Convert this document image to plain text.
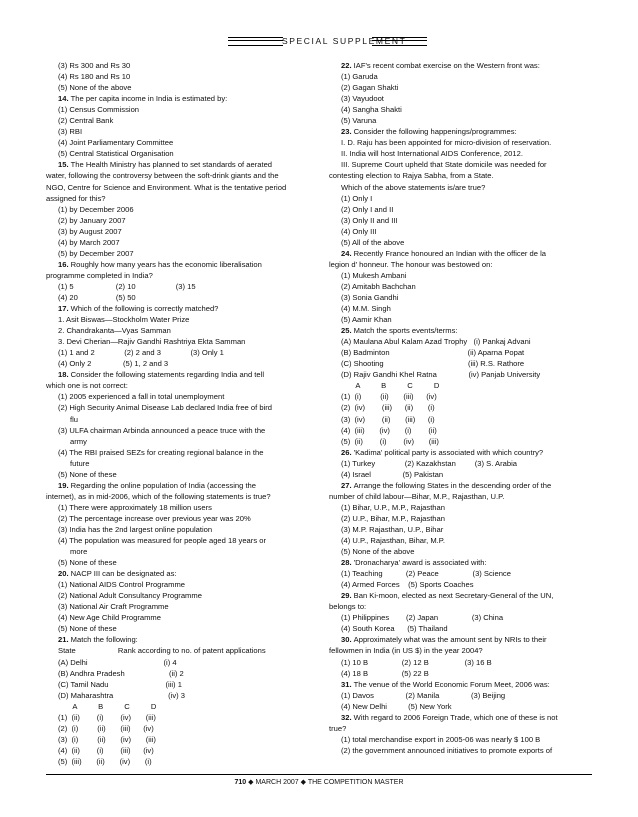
SPECIAL SUPPLEMENT
(3) Rs 300 and Rs 30
(4) Rs 180 and Rs 10
(5) None of the above
14. The per capita income in India is estimated by:
(1) Census Commission
(2) Central Bank
(3) RBI
(4) Joint Parliamentary Committee
(5) Central Statistical Organisation
15. The Health Ministry has planned to set standards of aerated
water, following the controversy between the soft-drink giants and the
NGO, Centre for Science and Environment. What is the tentative period
assigned for this?
(1) by December 2006
(2) by January 2007
(3) by August 2007
(4) by March 2007
(5) by December 2007
16. Roughly how many years has the economic liberalisation
programme completed in India?
(1) 5                    (2) 10                   (3) 15
(4) 20                  (5) 50
17. Which of the following is correctly matched?
1. Asit Biswas—Stockholm Water Prize
2. Chandrakanta—Vyas Samman
3. Devi Cherian—Rajiv Gandhi Rashtriya Ekta Samman
(1) 1 and 2              (2) 2 and 3              (3) Only 1
(4) Only 2               (5) 1, 2 and 3
18. Consider the following statements regarding India and tell
which one is not correct:
(1) 2005 experienced a fall in total unemployment
(2) High Security Animal Disease Lab declared India free of bird
flu
(3) ULFA chairman Arbinda announced a peace truce with the
army
(4) The RBI praised SEZs for creating regional balance in the
future
(5) None of these
19. Regarding the online population of India (accessing the
internet), as in mid-2006, which of the following statements is true?
(1) There were approximately 18 million users
(2) The percentage increase over previous year was 20%
(3) India has the 2nd largest online population
(4) The population was measured for people aged 18 years or
more
(5) None of these
20. NACP III can be designated as:
(1) National AIDS Control Programme
(2) National Adult Consultancy Programme
(3) National Air Craft Programme
(4) New Age Child Programme
(5) None of these
21. Match the following:
State                    Rank according to no. of patent applications
(A) Delhi                                    (i) 4
(B) Andhra Pradesh                     (ii) 2
(C) Tamil Nadu                           (iii) 1
(D) Maharashtra                          (iv) 3
A          B          C          D
(1)  (ii)        (i)        (iv)       (iii)
(2)  (i)         (ii)       (iii)      (iv)
(3)  (i)         (ii)       (iv)       (iii)
(4)  (ii)        (i)        (iii)      (iv)
(5)  (iii)       (ii)       (iv)       (i)
22. IAF's recent combat exercise on the Western front was:
(1) Garuda
(2) Gagan Shakti
(3) Vayudoot
(4) Sangha Shakti
(5) Varuna
23. Consider the following happenings/programmes:
I. D. Raju has been appointed for micro-division of reservation.
II. India will host International AIDS Conference, 2012.
III. Supreme Court upheld that State domicile was needed for
contesting election to Rajya Sabha, from a State.
Which of the above statements is/are true?
(1) Only I
(2) Only I and II
(3) Only II and III
(4) Only III
(5) All of the above
24. Recently France honoured an Indian with the officer de la
legion d' honneur. The honour was bestowed on:
(1) Mukesh Ambani
(2) Amitabh Bachchan
(3) Sonia Gandhi
(4) M.M. Singh
(5) Aamir Khan
25. Match the sports events/terms:
(A) Maulana Abul Kalam Azad Trophy   (i) Pankaj Advani
(B) Badminton                                     (ii) Aparna Popat
(C) Shooting                                        (iii) R.S. Rathore
(D) Rajiv Gandhi Khel Ratna               (iv) Panjab University
A          B          C          D
(1)  (i)         (ii)       (iii)      (iv)
(2)  (iv)        (iii)      (ii)       (i)
(3)  (iv)        (ii)       (iii)      (i)
(4)  (iii)       (iv)       (i)        (ii)
(5)  (ii)        (i)        (iv)       (iii)
26. 'Kadima' political party is associated with which country?
(1) Turkey              (2) Kazakhstan         (3) S. Arabia
(4) Israel               (5) Pakistan
27. Arrange the following States in the descending order of the
number of child labour—Bihar, M.P., Rajasthan, U.P.
(1) Bihar, U.P., M.P., Rajasthan
(2) U.P., Bihar, M.P., Rajasthan
(3) M.P. Rajasthan, U.P., Bihar
(4) U.P., Rajasthan, Bihar, M.P.
(5) None of the above
28. 'Dronacharya' award is associated with:
(1) Teaching           (2) Peace                (3) Science
(4) Armed Forces    (5) Sports Coaches
29. Ban Ki-moon, elected as next Secretary-General of the UN,
belongs to:
(1) Philippines        (2) Japan                (3) China
(4) South Korea      (5) Thailand
30. Approximately what was the amount sent by NRIs to their
fellowmen in India (in US $) in the year 2004?
(1) 10 B                (2) 12 B                 (3) 16 B
(4) 18 B                (5) 22 B
31. The venue of the World Economic Forum Meet, 2006 was:
(1) Davos               (2) Manila               (3) Beijing
(4) New Delhi          (5) New York
32. With regard to 2006 Foreign Trade, which one of these is not
true?
(1) total merchandise export in 2005-06 was nearly $ 100 B
(2) the government announced initiatives to promote exports of
710 ◆ MARCH 2007 ◆ THE COMPETITION MASTER
